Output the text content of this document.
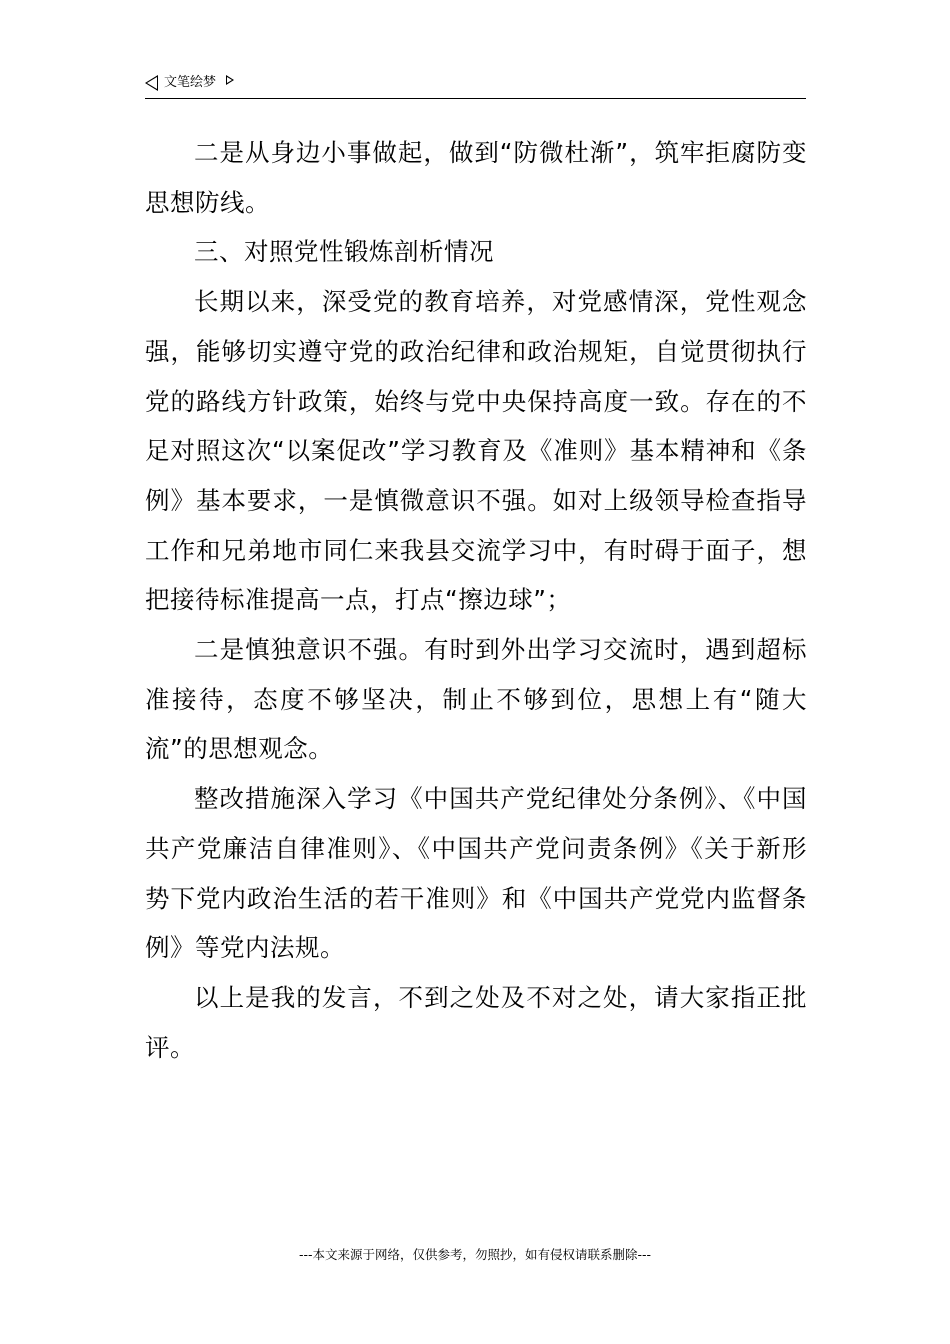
文笔绘梦

二是从身边小事做起，做到“防微杜渐”，筑牢拒腐防变思想防线。

三、对照党性锻炼剖析情况

长期以来，深受党的教育培养，对党感情深，党性观念强，能够切实遵守党的政治纪律和政治规矩，自觉贯彻执行党的路线方针政策，始终与党中央保持高度一致。存在的不足对照这次“以案促改”学习教育及《准则》基本精神和《条例》基本要求，一是慎微意识不强。如对上级领导检查指导工作和兄弟地市同仁来我县交流学习中，有时碍于面子，想把接待标准提高一点，打点“擦边球”；

二是慎独意识不强。有时到外出学习交流时，遇到超标准接待，态度不够坚决，制止不够到位，思想上有“随大流”的思想观念。

整改措施深入学习《中国共产党纪律处分条例》、《中国共产党廉洁自律准则》、《中国共产党问责条例》《关于新形势下党内政治生活的若干准则》和《中国共产党党内监督条例》等党内法规。

以上是我的发言，不到之处及不对之处，请大家指正批评。

---本文来源于网络，仅供参考，勿照抄，如有侵权请联系删除---
